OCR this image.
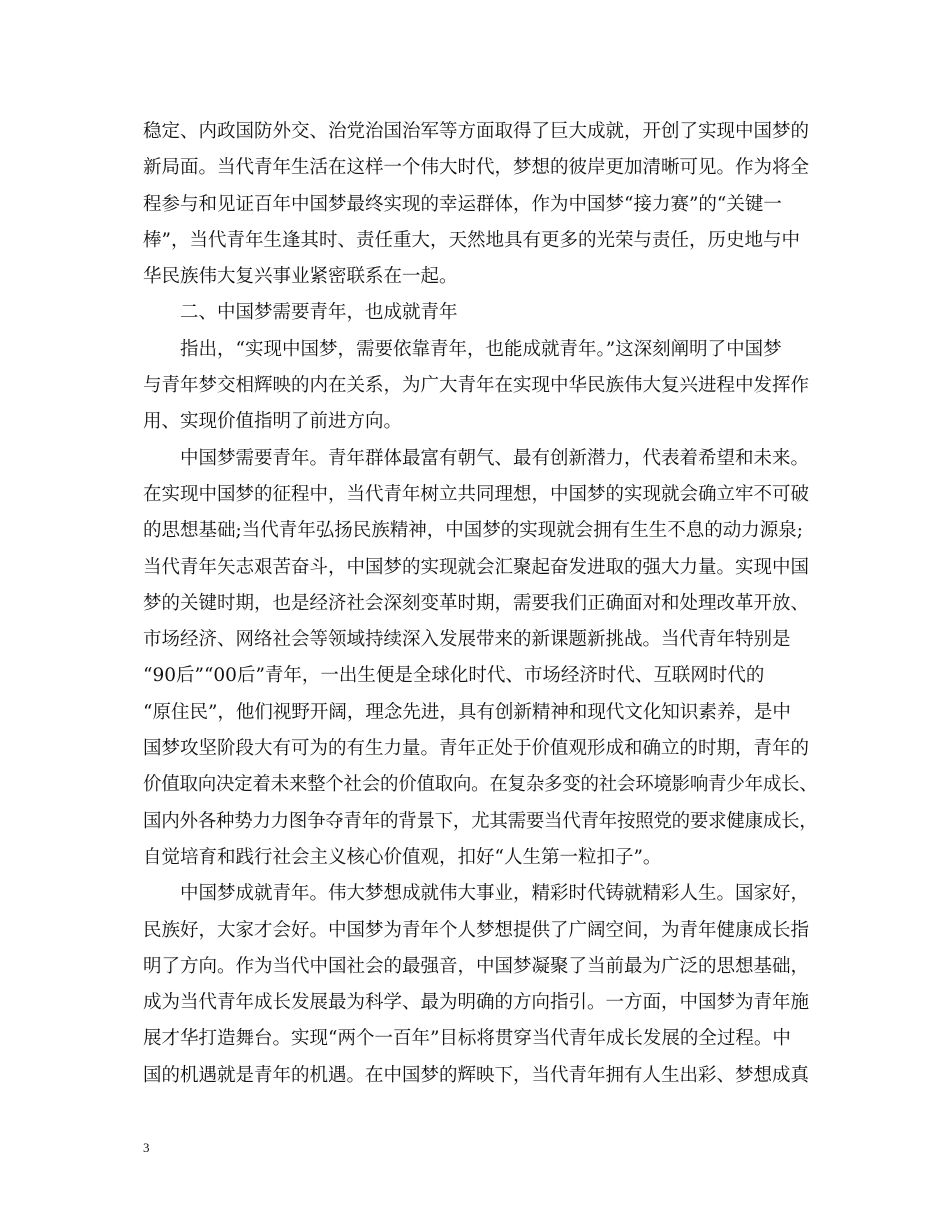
稳定、内政国防外交、治党治国治军等方面取得了巨大成就，开创了实现中国梦的
新局面。当代青年生活在这样一个伟大时代，梦想的彼岸更加清晰可见。作为将全
程参与和见证百年中国梦最终实现的幸运群体，作为中国梦“接力赛”的“关键一
棒”，当代青年生逢其时、责任重大，天然地具有更多的光荣与责任，历史地与中
华民族伟大复兴事业紧密联系在一起。
二、中国梦需要青年，也成就青年
指出，“实现中国梦，需要依靠青年，也能成就青年。”这深刻阐明了中国梦
与青年梦交相辉映的内在关系，为广大青年在实现中华民族伟大复兴进程中发挥作
用、实现价值指明了前进方向。
中国梦需要青年。青年群体最富有朝气、最有创新潜力，代表着希望和未来。
在实现中国梦的征程中，当代青年树立共同理想，中国梦的实现就会确立牢不可破
的思想基础;当代青年弘扬民族精神，中国梦的实现就会拥有生生不息的动力源泉;
当代青年矢志艰苦奋斗，中国梦的实现就会汇聚起奋发进取的强大力量。实现中国
梦的关键时期，也是经济社会深刻变革时期，需要我们正确面对和处理改革开放、
市场经济、网络社会等领域持续深入发展带来的新课题新挑战。当代青年特别是
“90后”“00后”青年，一出生便是全球化时代、市场经济时代、互联网时代的
“原住民”，他们视野开阔，理念先进，具有创新精神和现代文化知识素养，是中
国梦攻坚阶段大有可为的有生力量。青年正处于价值观形成和确立的时期，青年的
价值取向决定着未来整个社会的价值取向。在复杂多变的社会环境影响青少年成长、
国内外各种势力力图争夺青年的背景下，尤其需要当代青年按照党的要求健康成长，
自觉培育和践行社会主义核心价值观，扣好“人生第一粒扣子”。
中国梦成就青年。伟大梦想成就伟大事业，精彩时代铸就精彩人生。国家好，
民族好，大家才会好。中国梦为青年个人梦想提供了广阔空间，为青年健康成长指
明了方向。作为当代中国社会的最强音，中国梦凝聚了当前最为广泛的思想基础，
成为当代青年成长发展最为科学、最为明确的方向指引。一方面，中国梦为青年施
展才华打造舞台。实现“两个一百年”目标将贯穿当代青年成长发展的全过程。中
国的机遇就是青年的机遇。在中国梦的辉映下，当代青年拥有人生出彩、梦想成真
3
